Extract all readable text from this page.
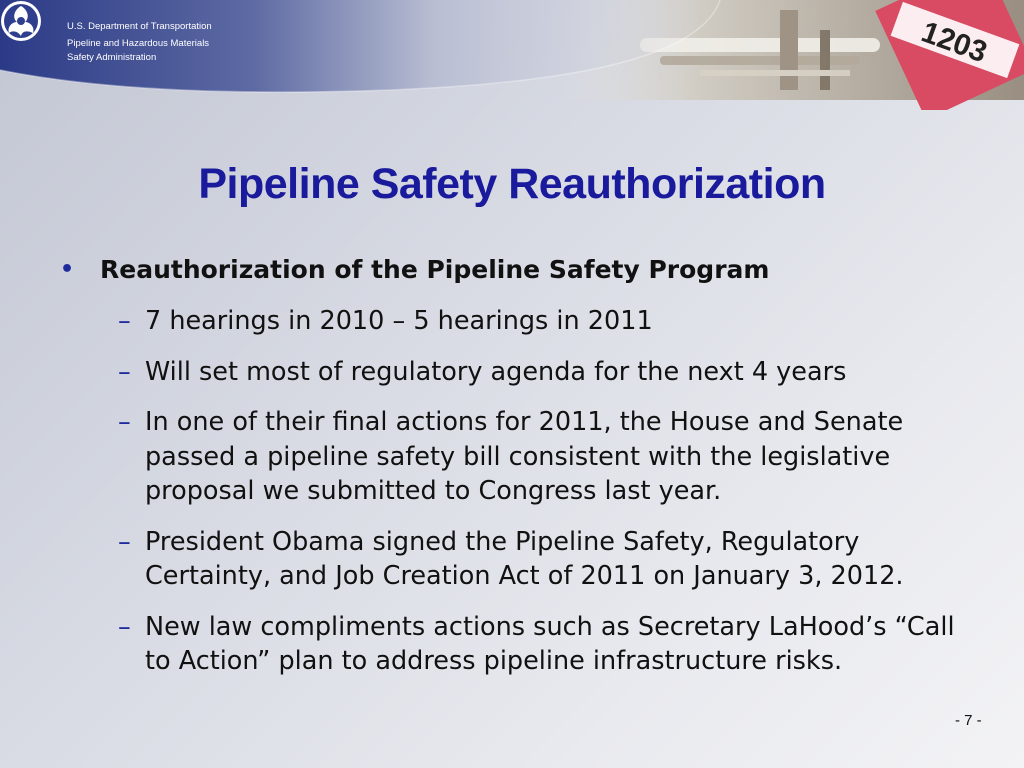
1203
U.S. Department of Transportation
Pipeline and Hazardous Materials
Safety Administration
Pipeline Safety Reauthorization
• Reauthorization of the Pipeline Safety Program
– 7 hearings in 2010 – 5 hearings in 2011
– Will set most of regulatory agenda for the next 4 years
– In one of their final actions for 2011, the House and Senate passed a pipeline safety bill consistent with the legislative proposal we submitted to Congress last year.
– President Obama signed the Pipeline Safety, Regulatory Certainty, and Job Creation Act of 2011 on January 3, 2012.
– New law compliments actions such as Secretary LaHood’s “Call to Action” plan to address pipeline infrastructure risks.
- 7 -
